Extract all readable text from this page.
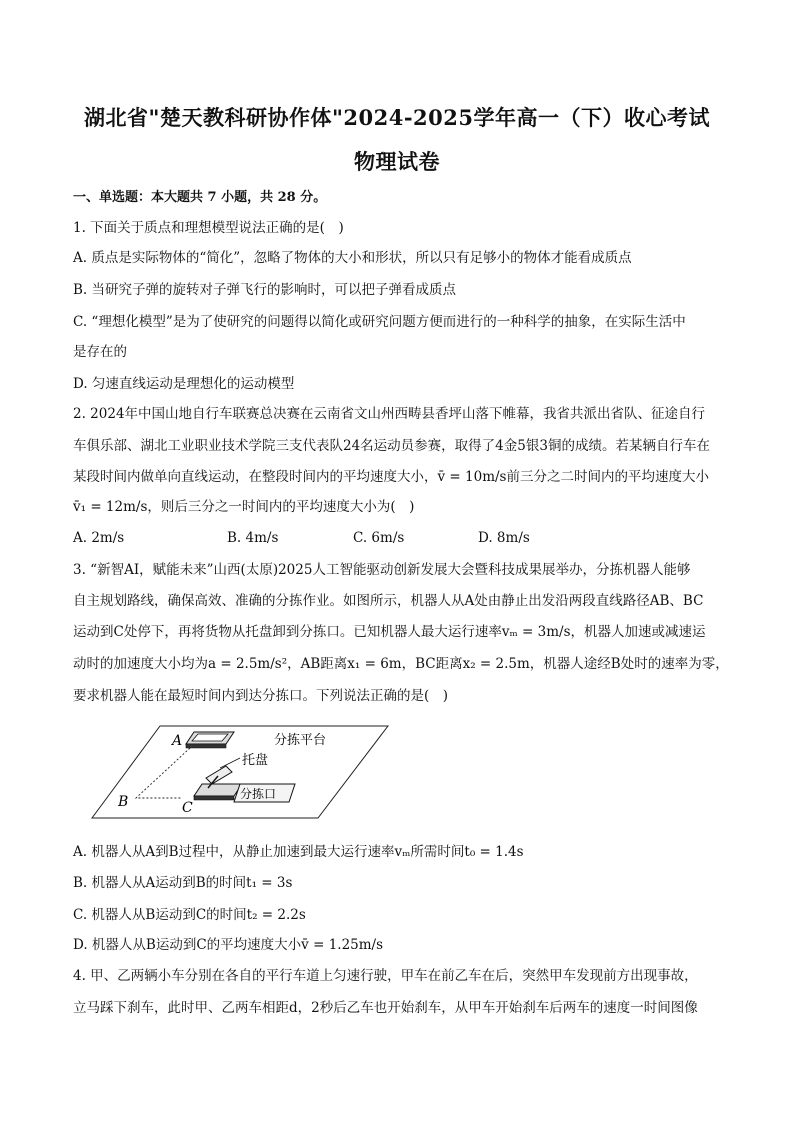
湖北省"楚天教科研协作体"2024-2025学年高一（下）收心考试
物理试卷
一、单选题：本大题共 7 小题，共 28 分。
1. 下面关于质点和理想模型说法正确的是(　)
A. 质点是实际物体的“简化”，忽略了物体的大小和形状，所以只有足够小的物体才能看成质点
B. 当研究子弹的旋转对子弹飞行的影响时，可以把子弹看成质点
C. “理想化模型”是为了使研究的问题得以简化或研究问题方便而进行的一种科学的抽象，在实际生活中
是存在的
D. 匀速直线运动是理想化的运动模型
2. 2024年中国山地自行车联赛总决赛在云南省文山州西畴县香坪山落下帷幕，我省共派出省队、征途自行
车俱乐部、湖北工业职业技术学院三支代表队24名运动员参赛，取得了4金5银3铜的成绩。若某辆自行车在
某段时间内做单向直线运动，在整段时间内的平均速度大小，v̄ = 10m/s前三分之二时间内的平均速度大小
v̄₁ = 12m/s，则后三分之一时间内的平均速度大小为(　)
A. 2m/s	B. 4m/s	C. 6m/s	D. 8m/s
3. “新智AI，赋能未来”山西(太原)2025人工智能驱动创新发展大会暨科技成果展举办，分拣机器人能够
自主规划路线，确保高效、准确的分拣作业。如图所示，机器人从A处由静止出发沿两段直线路径AB、BC
运动到C处停下，再将货物从托盘卸到分拣口。已知机器人最大运行速率vₘ = 3m/s，机器人加速或减速运
动时的加速度大小均为a = 2.5m/s²，AB距离x₁ = 6m，BC距离x₂ = 2.5m，机器人途经B处时的速率为零，
要求机器人能在最短时间内到达分拣口。下列说法正确的是(　)
A
B	C
分拣平台
托盘
分拣口
A. 机器人从A到B过程中，从静止加速到最大运行速率vₘ所需时间t₀ = 1.4s
B. 机器人从A运动到B的时间t₁ = 3s
C. 机器人从B运动到C的时间t₂ = 2.2s
D. 机器人从B运动到C的平均速度大小v̄ = 1.25m/s
4. 甲、乙两辆小车分别在各自的平行车道上匀速行驶，甲车在前乙车在后，突然甲车发现前方出现事故，
立马踩下刹车，此时甲、乙两车相距d，2秒后乙车也开始刹车，从甲车开始刹车后两车的速度一时间图像
